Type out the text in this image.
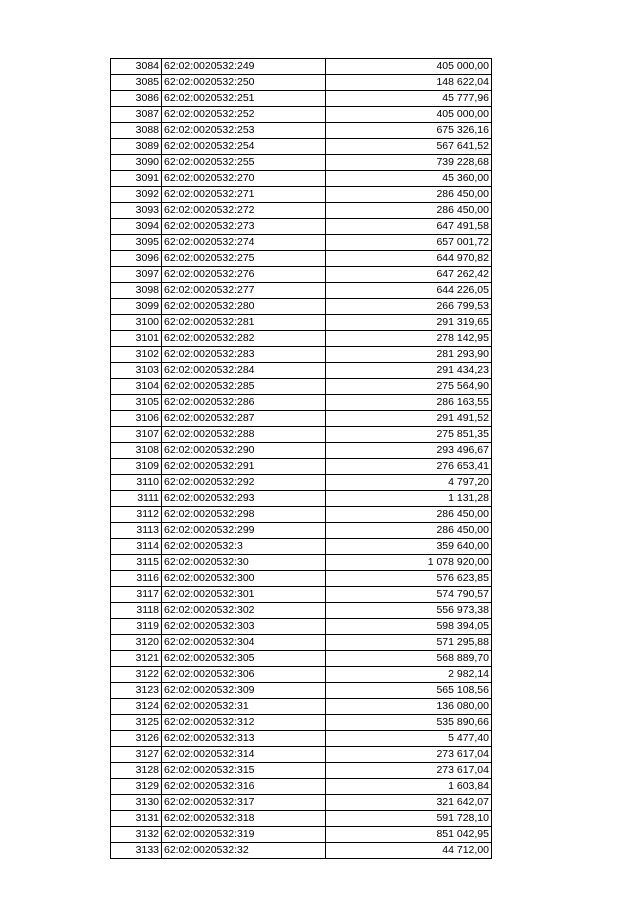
3084	62:02:0020532:249	405 000,00
3085	62:02:0020532:250	148 622,04
3086	62:02:0020532:251	45 777,96
3087	62:02:0020532:252	405 000,00
3088	62:02:0020532:253	675 326,16
3089	62:02:0020532:254	567 641,52
3090	62:02:0020532:255	739 228,68
3091	62:02:0020532:270	45 360,00
3092	62:02:0020532:271	286 450,00
3093	62:02:0020532:272	286 450,00
3094	62:02:0020532:273	647 491,58
3095	62:02:0020532:274	657 001,72
3096	62:02:0020532:275	644 970,82
3097	62:02:0020532:276	647 262,42
3098	62:02:0020532:277	644 226,05
3099	62:02:0020532:280	266 799,53
3100	62:02:0020532:281	291 319,65
3101	62:02:0020532:282	278 142,95
3102	62:02:0020532:283	281 293,90
3103	62:02:0020532:284	291 434,23
3104	62:02:0020532:285	275 564,90
3105	62:02:0020532:286	286 163,55
3106	62:02:0020532:287	291 491,52
3107	62:02:0020532:288	275 851,35
3108	62:02:0020532:290	293 496,67
3109	62:02:0020532:291	276 653,41
3110	62:02:0020532:292	4 797,20
3111	62:02:0020532:293	1 131,28
3112	62:02:0020532:298	286 450,00
3113	62:02:0020532:299	286 450,00
3114	62:02:0020532:3	359 640,00
3115	62:02:0020532:30	1 078 920,00
3116	62:02:0020532:300	576 623,85
3117	62:02:0020532:301	574 790,57
3118	62:02:0020532:302	556 973,38
3119	62:02:0020532:303	598 394,05
3120	62:02:0020532:304	571 295,88
3121	62:02:0020532:305	568 889,70
3122	62:02:0020532:306	2 982,14
3123	62:02:0020532:309	565 108,56
3124	62:02:0020532:31	136 080,00
3125	62:02:0020532:312	535 890,66
3126	62:02:0020532:313	5 477,40
3127	62:02:0020532:314	273 617,04
3128	62:02:0020532:315	273 617,04
3129	62:02:0020532:316	1 603,84
3130	62:02:0020532:317	321 642,07
3131	62:02:0020532:318	591 728,10
3132	62:02:0020532:319	851 042,95
3133	62:02:0020532:32	44 712,00
